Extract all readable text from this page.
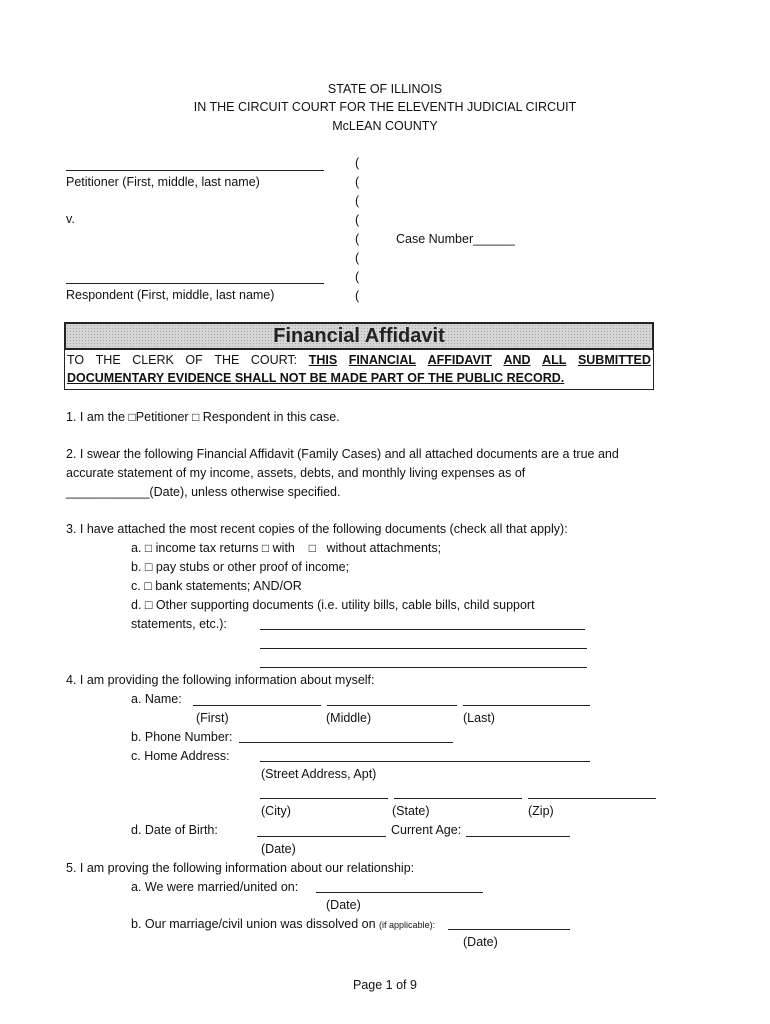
STATE OF ILLINOIS
IN THE CIRCUIT COURT FOR THE ELEVENTH JUDICIAL CIRCUIT
McLEAN COUNTY
Petitioner (First, middle, last name)
v.
Respondent (First, middle, last name)
(
(
(
(
(
(
(
(
Case Number______
Financial Affidavit
TO THE CLERK OF THE COURT: THIS FINANCIAL AFFIDAVIT AND ALL SUBMITTED
DOCUMENTARY EVIDENCE SHALL NOT BE MADE PART OF THE PUBLIC RECORD.
1. I am the □Petitioner □ Respondent in this case.
2. I swear the following Financial Affidavit (Family Cases) and all attached documents are a true and
accurate statement of my income, assets, debts, and monthly living expenses as of
____________(Date), unless otherwise specified.
3. I have attached the most recent copies of the following documents (check all that apply):
a. □ income tax returns □ with    □ without attachments;
b. □ pay stubs or other proof of income;
c. □ bank statements; AND/OR
d. □ Other supporting documents (i.e. utility bills, cable bills, child support
statements, etc.):
4. I am providing the following information about myself:
a. Name:
(First)	(Middle)	(Last)
b. Phone Number:
c. Home Address:
(Street Address, Apt)
(City)	(State)	(Zip)
d. Date of Birth:	Current Age:
(Date)
5. I am proving the following information about our relationship:
a. We were married/united on:
(Date)
b. Our marriage/civil union was dissolved on (if applicable):
(Date)
Page 1 of 9
